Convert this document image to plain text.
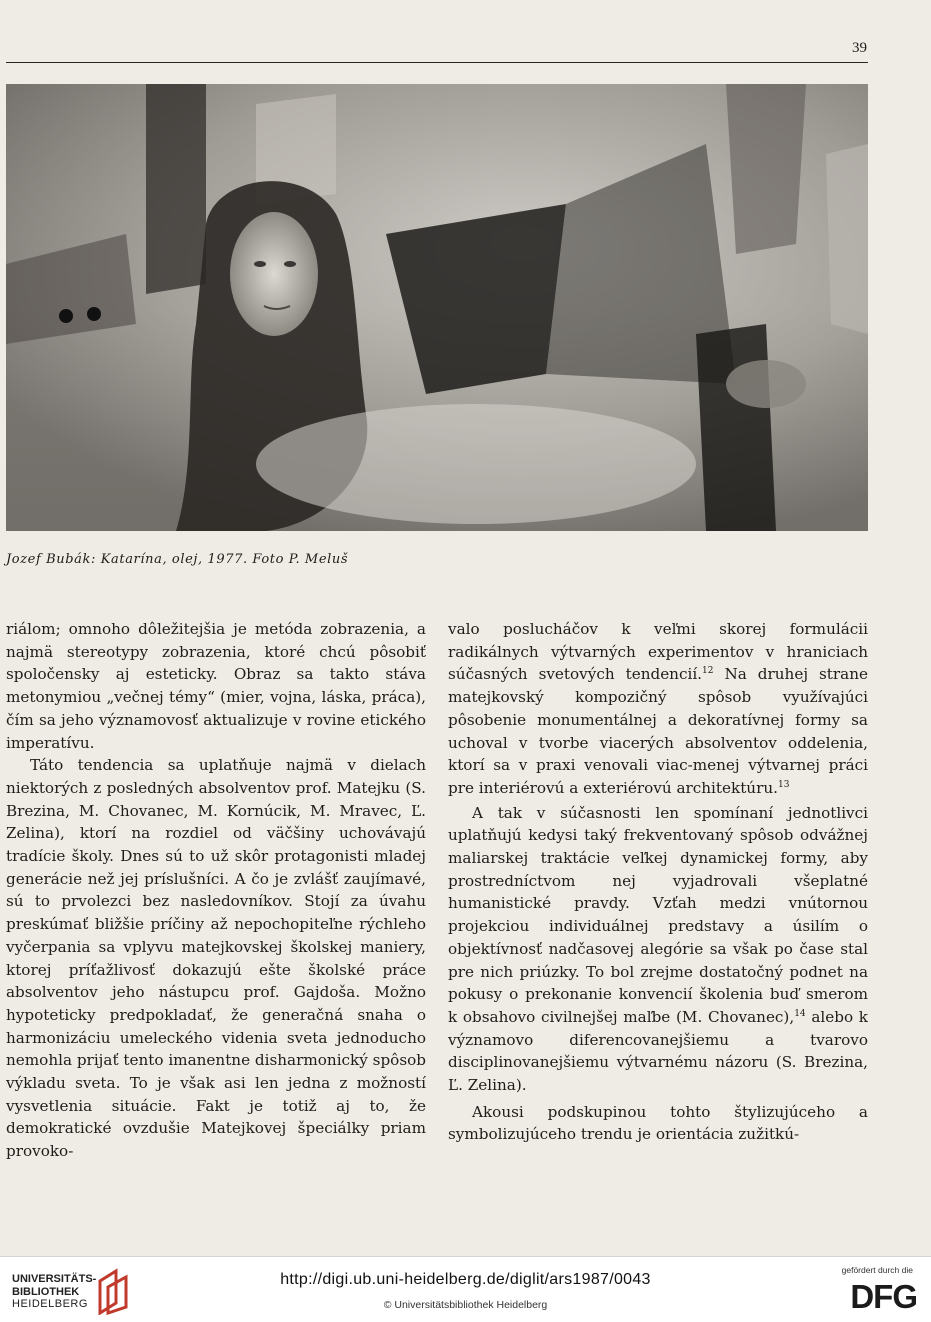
39
Jozef Bubák: Katarína, olej, 1977. Foto P. Meluš

riálom; omnoho dôležitejšia je metóda zobrazenia, a najmä stereotypy zobrazenia, ktoré chcú pôsobiť spoločensky aj esteticky. Obraz sa takto stáva metonymiou „večnej témy“ (mier, vojna, láska, práca), čím sa jeho významovosť aktualizuje v rovine etického imperatívu.

Táto tendencia sa uplatňuje najmä v dielach niektorých z posledných absolventov prof. Matejku (S. Brezina, M. Chovanec, M. Kornúcik, M. Mravec, Ľ. Zelina), ktorí na rozdiel od väčšiny uchovávajú tradície školy. Dnes sú to už skôr protagonisti mladej generácie než jej príslušníci. A čo je zvlášť zaujímavé, sú to prvolezci bez nasledovníkov. Stojí za úvahu preskúmať bližšie príčiny až nepochopiteľne rýchleho vyčerpania sa vplyvu matejkovskej školskej maniery, ktorej príťažlivosť dokazujú ešte školské práce absolventov jeho nástupcu prof. Gajdoša. Možno hypoteticky predpokladať, že generačná snaha o harmonizáciu umeleckého videnia sveta jednoducho nemohla prijať tento imanentne disharmonický spôsob výkladu sveta. To je však asi len jedna z možností vysvetlenia situácie. Fakt je totiž aj to, že demokratické ovzdušie Matejkovej špeciálky priam provoko-

valo poslucháčov k veľmi skorej formulácii radikálnych výtvarných experimentov v hraniciach súčasných svetových tendencií.$^{12}$ Na druhej strane matejkovský kompozičný spôsob využívajúci pôsobenie monumentálnej a dekoratívnej formy sa uchoval v tvorbe viacerých absolventov oddelenia, ktorí sa v praxi venovali viac-menej výtvarnej práci pre interiérovú a exteriérovú architektúru.$^{13}$

A tak v súčasnosti len spomínaní jednotlivci uplatňujú kedysi taký frekventovaný spôsob odvážnej maliarskej traktácie veľkej dynamickej formy, aby prostredníctvom nej vyjadrovali všeplatné humanistické pravdy. Vzťah medzi vnútornou projekciou individuálnej predstavy a úsilím o objektívnosť nadčasovej alegórie sa však po čase stal pre nich priúzky. To bol zrejme dostatočný podnet na pokusy o prekonanie konvencií školenia buď smerom k obsahovo civilnejšej maľbe (M. Chovanec),$^{14}$ alebo k významovo diferencovanejšiemu a tvarovo disciplinovanejšiemu výtvarnému názoru (S. Brezina, Ľ. Zelina).

Akousi podskupinou tohto štylizujúceho a symbolizujúceho trendu je orientácia zužitkú-

UNIVERSITÄTS-
BIBLIOTHEK
HEIDELBERG
http://digi.ub.uni-heidelberg.de/diglit/ars1987/0043
© Universitätsbibliothek Heidelberg
gefördert durch die
DFG
